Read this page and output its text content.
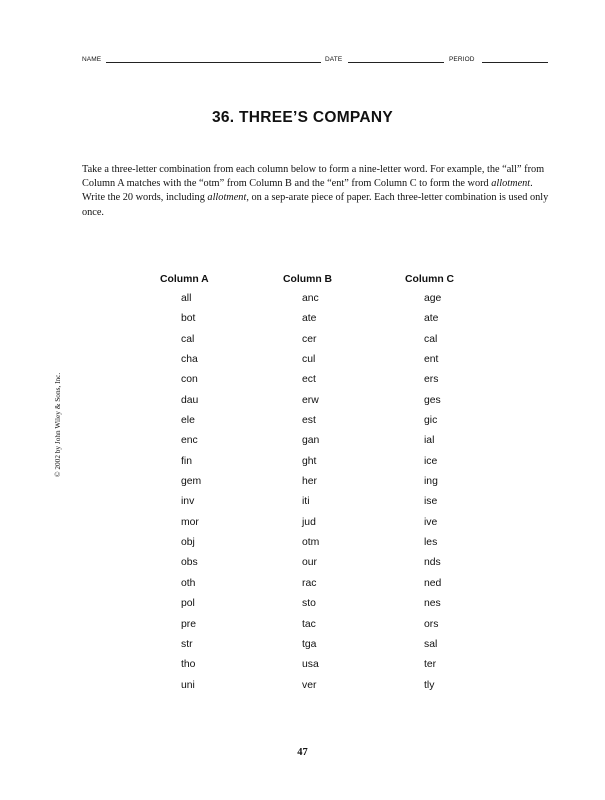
NAME	DATE	PERIOD
36. THREE’S COMPANY

Take a three-letter combination from each column below to form a nine-letter word. For example, the “all” from Column A matches with the “otm” from Column B and the “ent” from Column C to form the word allotment. Write the 20 words, including allotment, on a sep-arate piece of paper. Each three-letter combination is used only once.

© 2002 by John Wiley & Sons, Inc.
Column A
all
bot
cal
cha
con
dau
ele
enc
fin
gem
inv
mor
obj
obs
oth
pol
pre
str
tho
uni
Column B
anc
ate
cer
cul
ect
erw
est
gan
ght
her
iti
jud
otm
our
rac
sto
tac
tga
usa
ver
Column C
age
ate
cal
ent
ers
ges
gic
ial
ice
ing
ise
ive
les
nds
ned
nes
ors
sal
ter
tly
47
